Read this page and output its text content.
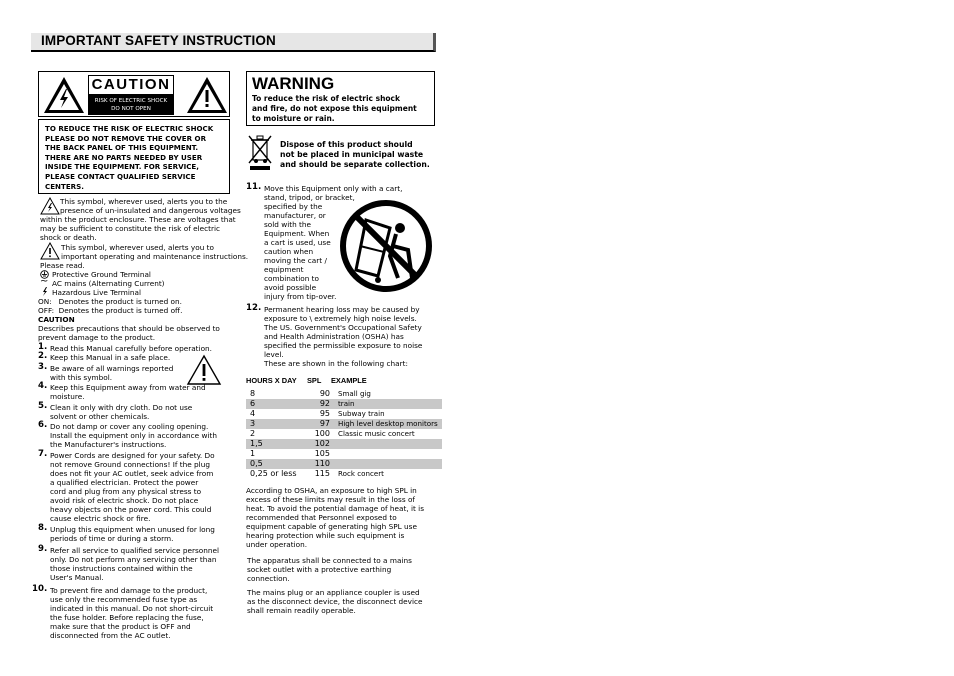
IMPORTANT SAFETY INSTRUCTION
CAUTION
RISK OF ELECTRIC SHOCK
DO NOT OPEN
TO REDUCE THE RISK OF ELECTRIC SHOCK
PLEASE DO NOT REMOVE THE COVER OR
THE BACK PANEL OF THIS EQUIPMENT.
THERE ARE NO PARTS NEEDED BY USER
INSIDE THE EQUIPMENT. FOR SERVICE,
PLEASE CONTACT QUALIFIED SERVICE
CENTERS.
This symbol, wherever used, alerts you to the
presence of un-insulated and dangerous voltages
within the product enclosure. These are voltages that
may be sufficient to constitute the risk of electric
shock or death.
This symbol, wherever used, alerts you to
important operating and maintenance instructions.
Please read.
Protective Ground Terminal
~ AC mains (Alternating Current)
Hazardous Live Terminal
ON:   Denotes the product is turned on.
OFF:  Denotes the product is turned off.
CAUTION
Describes precautions that should be observed to
prevent damage to the product.
1. Read this Manual carefully before operation.
2. Keep this Manual in a safe place.
3. Be aware of all warnings reported
with this symbol.
4. Keep this Equipment away from water and
moisture.
5. Clean it only with dry cloth. Do not use
solvent or other chemicals.
6. Do not damp or cover any cooling opening.
Install the equipment only in accordance with
the Manufacturer's instructions.
7. Power Cords are designed for your safety. Do
not remove Ground connections! If the plug
does not fit your AC outlet, seek advice from
a qualified electrician. Protect the power
cord and plug from any physical stress to
avoid risk of electric shock. Do not place
heavy objects on the power cord. This could
cause electric shock or fire.
8. Unplug this equipment when unused for long
periods of time or during a storm.
9. Refer all service to qualified service personnel
only. Do not perform any servicing other than
those instructions contained within the
User's Manual.
10. To prevent fire and damage to the product,
use only the recommended fuse type as
indicated in this manual. Do not short-circuit
the fuse holder. Before replacing the fuse,
make sure that the product is OFF and
disconnected from the AC outlet.
WARNING
To reduce the risk of electric shock
and fire, do not expose this equipment
to moisture or rain.
Dispose of this product should
not be placed in municipal waste
and should be separate collection.
11. Move this Equipment only with a cart,
stand, tripod, or bracket,
specified by the
manufacturer, or
sold with the
Equipment. When
a cart is used, use
caution when
moving the cart /
equipment
combination to
avoid possible
injury from tip-over.
12. Permanent hearing loss may be caused by
exposure to \ extremely high noise levels.
The US. Government's Occupational Safety
and Health Administration (OSHA) has
specified the permissible exposure to noise
level.
These are shown in the following chart:
HOURS X DAY SPL EXAMPLE
8	90	Small gig
6	92	train
4	95	Subway train
3	97	High level desktop monitors
2	100	Classic music concert
1,5	102	
1	105	
0,5	110	
0,25 or less	115	Rock concert
According to OSHA, an exposure to high SPL in
excess of these limits may result in the loss of
heat. To avoid the potential damage of heat, it is
recommended that Personnel exposed to
equipment capable of generating high SPL use
hearing protection while such equipment is
under operation.
The apparatus shall be connected to a mains
socket outlet with a protective earthing
connection.
The mains plug or an appliance coupler is used
as the disconnect device, the disconnect device
shall remain readily operable.
